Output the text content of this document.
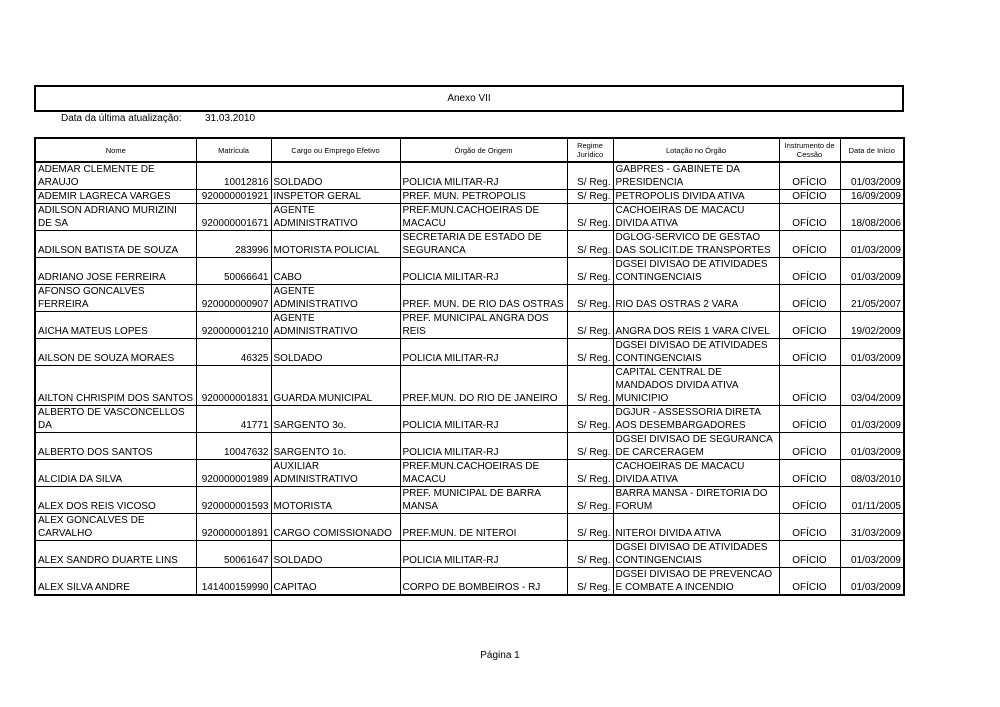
Anexo VII
Data da última atualização: 31.03.2010
Nome	Matrícula	Cargo ou Emprego Efetivo	Órgão de Origem	Regime Jurídico	Lotação no Órgão	Instrumento de Cessão	Data de Início
ADEMAR CLEMENTE DE ARAUJO	10012816	SOLDADO	POLICIA MILITAR-RJ	S/ Reg.	GABPRES - GABINETE DA PRESIDENCIA	OFÍCIO	01/03/2009
ADEMIR LAGRECA VARGES	920000001921	INSPETOR GERAL	PREF. MUN. PETROPOLIS	S/ Reg.	PETROPOLIS DIVIDA ATIVA	OFÍCIO	16/09/2009
ADILSON ADRIANO MURIZINI DE SA	920000001671	AGENTE ADMINISTRATIVO	PREF.MUN.CACHOEIRAS DE MACACU	S/ Reg.	CACHOEIRAS DE MACACU DIVIDA ATIVA	OFÍCIO	18/08/2006
ADILSON BATISTA DE SOUZA	283996	MOTORISTA POLICIAL	SECRETARIA DE ESTADO DE SEGURANCA	S/ Reg.	DGLOG-SERVICO DE GESTAO DAS SOLICIT.DE TRANSPORTES	OFÍCIO	01/03/2009
ADRIANO JOSE FERREIRA	50066641	CABO	POLICIA MILITAR-RJ	S/ Reg.	DGSEI DIVISAO DE ATIVIDADES CONTINGENCIAIS	OFÍCIO	01/03/2009
AFONSO GONCALVES FERREIRA	920000000907	AGENTE ADMINISTRATIVO	PREF. MUN. DE RIO DAS OSTRAS	S/ Reg.	RIO DAS OSTRAS 2 VARA	OFÍCIO	21/05/2007
AICHA MATEUS LOPES	920000001210	AGENTE ADMINISTRATIVO	PREF. MUNICIPAL ANGRA DOS REIS	S/ Reg.	ANGRA DOS REIS 1 VARA CIVEL	OFÍCIO	19/02/2009
AILSON DE SOUZA MORAES	46325	SOLDADO	POLICIA MILITAR-RJ	S/ Reg.	DGSEI DIVISAO DE ATIVIDADES CONTINGENCIAIS	OFÍCIO	01/03/2009
AILTON CHRISPIM DOS SANTOS	920000001831	GUARDA MUNICIPAL	PREF.MUN. DO RIO DE JANEIRO	S/ Reg.	CAPITAL CENTRAL DE MANDADOS DIVIDA ATIVA MUNICIPIO	OFÍCIO	03/04/2009
ALBERTO DE VASCONCELLOS DA	41771	SARGENTO 3o.	POLICIA MILITAR-RJ	S/ Reg.	DGJUR - ASSESSORIA DIRETA AOS DESEMBARGADORES	OFÍCIO	01/03/2009
ALBERTO DOS SANTOS	10047632	SARGENTO 1o.	POLICIA MILITAR-RJ	S/ Reg.	DGSEI DIVISAO DE SEGURANCA DE CARCERAGEM	OFÍCIO	01/03/2009
ALCIDIA DA SILVA	920000001989	AUXILIAR ADMINISTRATIVO	PREF.MUN.CACHOEIRAS DE MACACU	S/ Reg.	CACHOEIRAS DE MACACU DIVIDA ATIVA	OFÍCIO	08/03/2010
ALEX DOS REIS VICOSO	920000001593	MOTORISTA	PREF. MUNICIPAL DE BARRA MANSA	S/ Reg.	BARRA MANSA - DIRETORIA DO FORUM	OFÍCIO	01/11/2005
ALEX GONCALVES DE CARVALHO	920000001891	CARGO COMISSIONADO	PREF.MUN. DE NITEROI	S/ Reg.	NITEROI DIVIDA ATIVA	OFÍCIO	31/03/2009
ALEX SANDRO DUARTE LINS	50061647	SOLDADO	POLICIA MILITAR-RJ	S/ Reg.	DGSEI DIVISAO DE ATIVIDADES CONTINGENCIAIS	OFÍCIO	01/03/2009
ALEX SILVA ANDRE	141400159990	CAPITAO	CORPO DE BOMBEIROS - RJ	S/ Reg.	DGSEI DIVISAO DE PREVENCAO E COMBATE A INCENDIO	OFÍCIO	01/03/2009
Página 1
